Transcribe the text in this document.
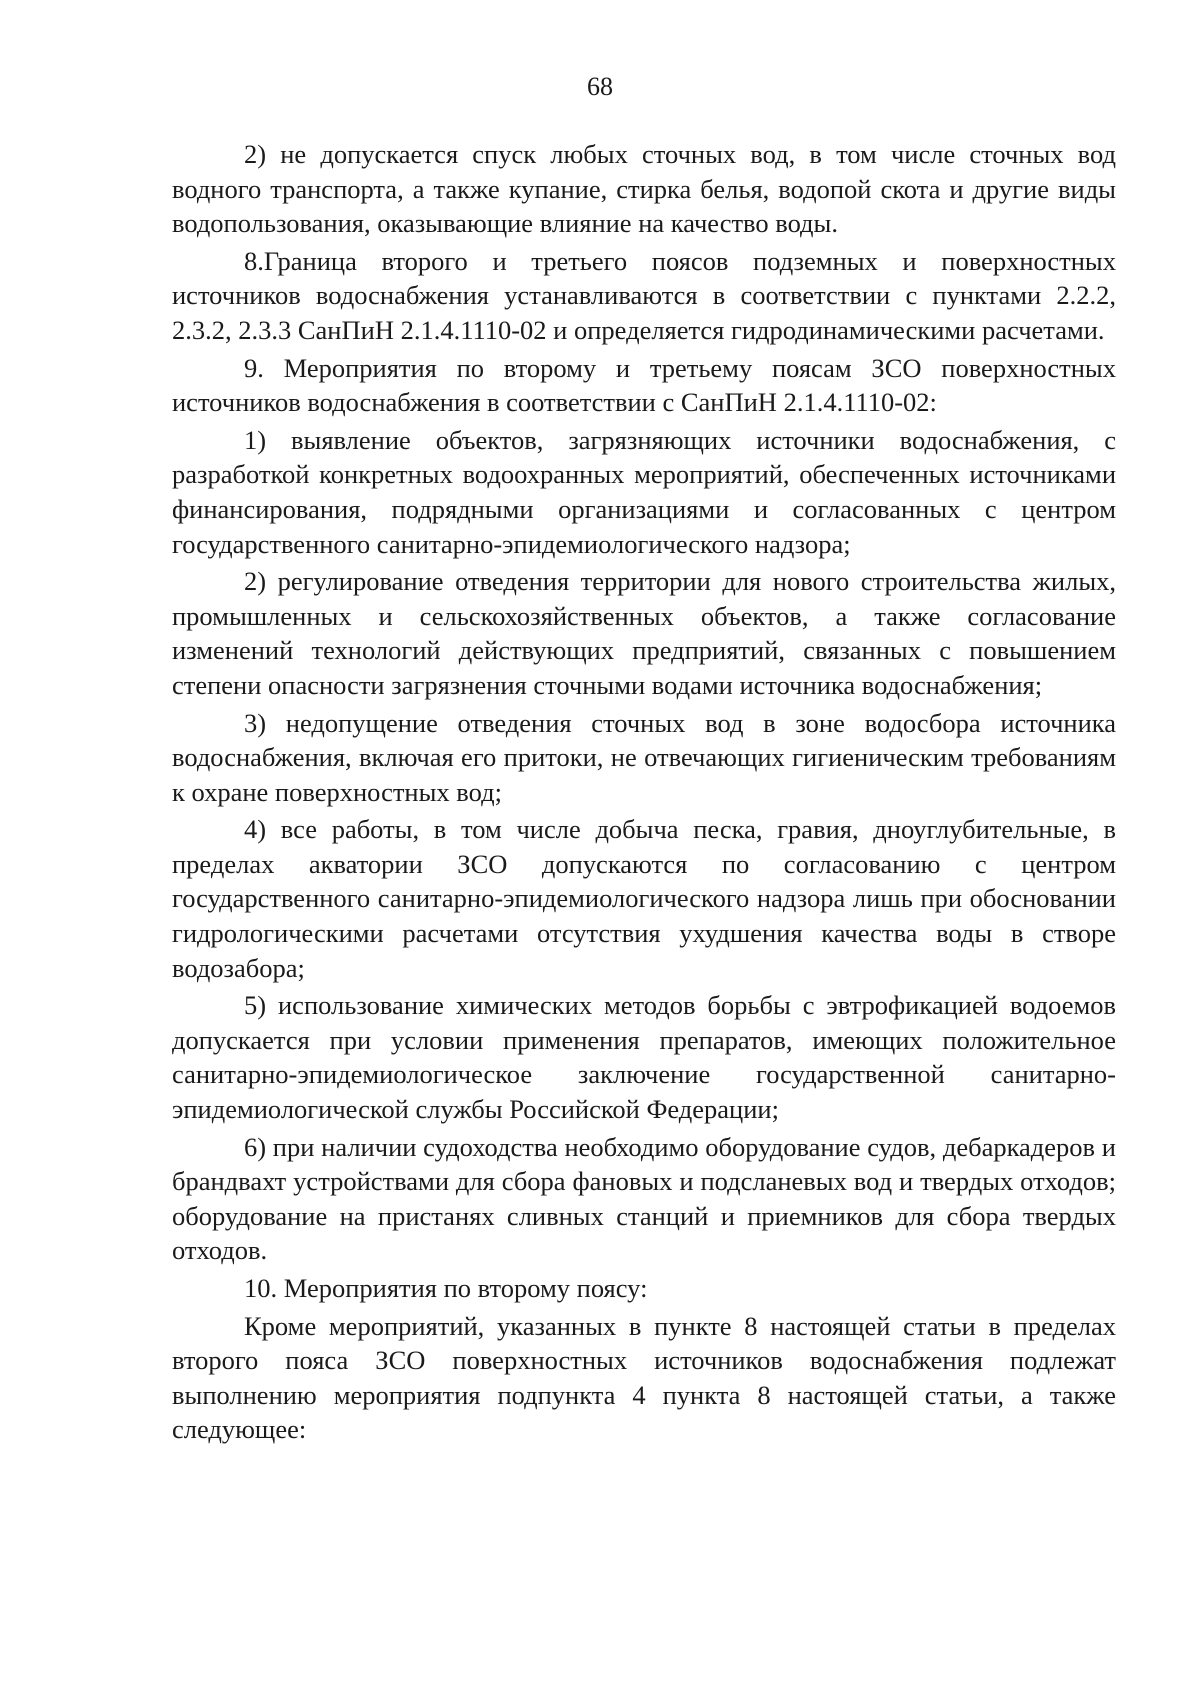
68

2) не допускается спуск любых сточных вод, в том числе сточных вод водного транспорта, а также купание, стирка белья, водопой скота и другие виды водопользования, оказывающие влияние на качество воды.

8.Граница второго и третьего поясов подземных и поверхностных источников водоснабжения устанавливаются в соответствии с пунктами 2.2.2, 2.3.2, 2.3.3 СанПиН 2.1.4.1110-02 и определяется гидродинамическими расчетами.

9. Мероприятия по второму и третьему поясам ЗСО поверхностных источников водоснабжения в соответствии с СанПиН 2.1.4.1110-02:

1) выявление объектов, загрязняющих источники водоснабжения, с разработкой конкретных водоохранных мероприятий, обеспеченных источниками финансирования, подрядными организациями и согласованных с центром государственного санитарно-эпидемиологического надзора;

2) регулирование отведения территории для нового строительства жилых, промышленных и сельскохозяйственных объектов, а также согласование изменений технологий действующих предприятий, связанных с повышением степени опасности загрязнения сточными водами источника водоснабжения;

3) недопущение отведения сточных вод в зоне водосбора источника водоснабжения, включая его притоки, не отвечающих гигиеническим требованиям к охране поверхностных вод;

4) все работы, в том числе добыча песка, гравия, дноуглубительные, в пределах акватории ЗСО допускаются по согласованию с центром государственного санитарно-эпидемиологического надзора лишь при обосновании гидрологическими расчетами отсутствия ухудшения качества воды в створе водозабора;

5) использование химических методов борьбы с эвтрофикацией водоемов допускается при условии применения препаратов, имеющих положительное санитарно-эпидемиологическое заключение государственной санитарно-эпидемиологической службы Российской Федерации;

6) при наличии судоходства необходимо оборудование судов, дебаркадеров и брандвахт устройствами для сбора фановых и подсланевых вод и твердых отходов; оборудование на пристанях сливных станций и приемников для сбора твердых отходов.

10. Мероприятия по второму поясу:

Кроме мероприятий, указанных в пункте 8 настоящей статьи в пределах второго пояса ЗСО поверхностных источников водоснабжения подлежат выполнению мероприятия подпункта 4 пункта 8 настоящей статьи, а также следующее:
